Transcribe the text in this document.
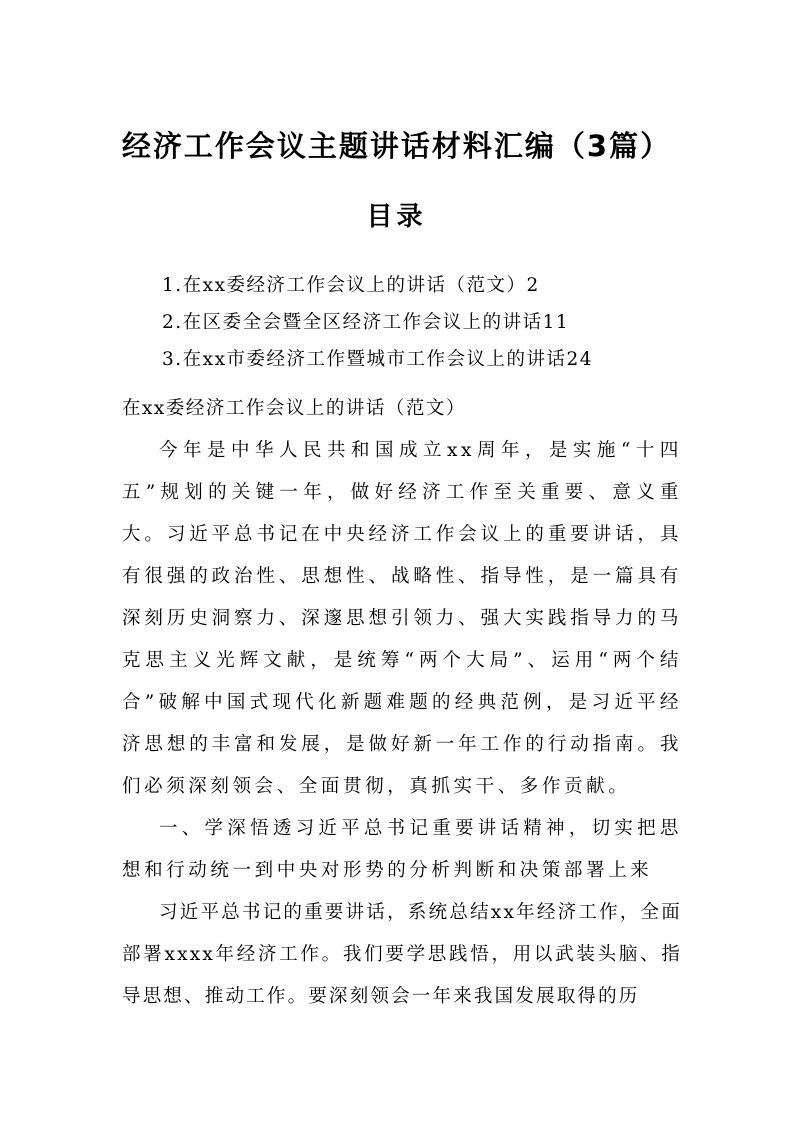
经济工作会议主题讲话材料汇编（3篇）
目录
1.在xx委经济工作会议上的讲话（范文）2
2.在区委全会暨全区经济工作会议上的讲话11
3.在xx市委经济工作暨城市工作会议上的讲话24
在xx委经济工作会议上的讲话（范文）

今年是中华人民共和国成立xx周年，是实施“十四五”规划的关键一年，做好经济工作至关重要、意义重大。习近平总书记在中央经济工作会议上的重要讲话，具有很强的政治性、思想性、战略性、指导性，是一篇具有深刻历史洞察力、深邃思想引领力、强大实践指导力的马克思主义光辉文献，是统筹“两个大局”、运用“两个结合”破解中国式现代化新题难题的经典范例，是习近平经济思想的丰富和发展，是做好新一年工作的行动指南。我们必须深刻领会、全面贯彻，真抓实干、多作贡献。

一、学深悟透习近平总书记重要讲话精神，切实把思想和行动统一到中央对形势的分析判断和决策部署上来

习近平总书记的重要讲话，系统总结xx年经济工作，全面部署xxxx年经济工作。我们要学思践悟，用以武装头脑、指导思想、推动工作。要深刻领会一年来我国发展取得的历
